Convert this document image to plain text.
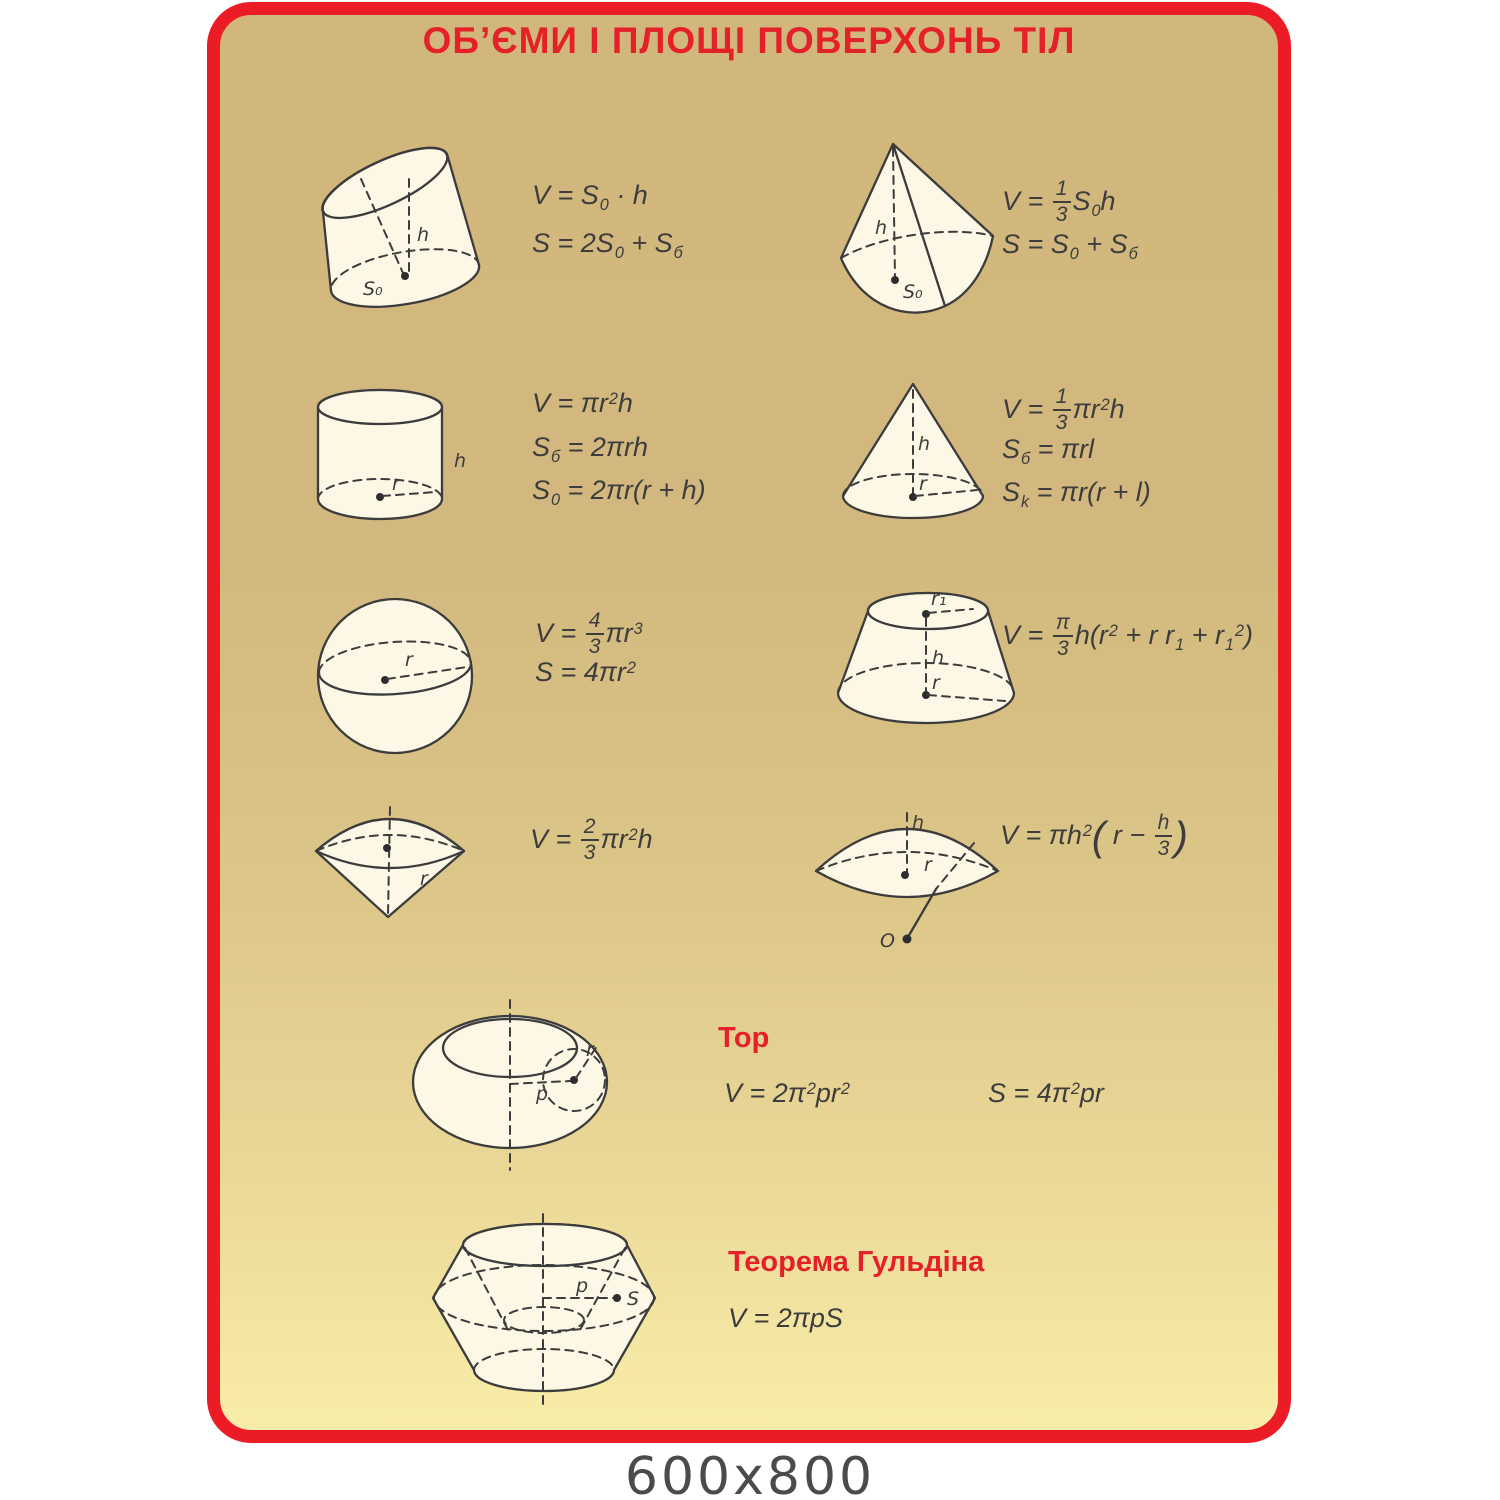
ОБ’ЄМИ І ПЛОЩІ ПОВЕРХОНЬ ТІЛ
h
S₀
$V = S_0 \cdot h$
$S = 2S_0 + S_б$
h
S₀
$V = \frac{1}{3} S_0h$
$S = S_0 + S_б$
r
h
$V = \pi r^2h$
$S_б = 2\pi rh$
$S_0 = 2\pi r(r + h)$
h
r
$V = \frac{1}{3} \pi r^2h$
$S_б = \pi rl$
$S_k = \pi r(r + l)$
r
$V = \frac{4}{3} \pi r^3$
$S = 4\pi r^2$
r₁
h
r
$V = \frac{\pi}{3} h(r^2 + r$ $r_1 + r_1^2$)
r
$V = \frac{2}{3} \pi r^2h$
h
r
O
$V = \pi h^2$( $r - \frac{h}{3}$ )
p
r	Тор
$V = 2\pi^2pr^2$	$S = 4\pi^2pr$
p
S
Теорема Гульдіна
V = 2πpS
600x800
